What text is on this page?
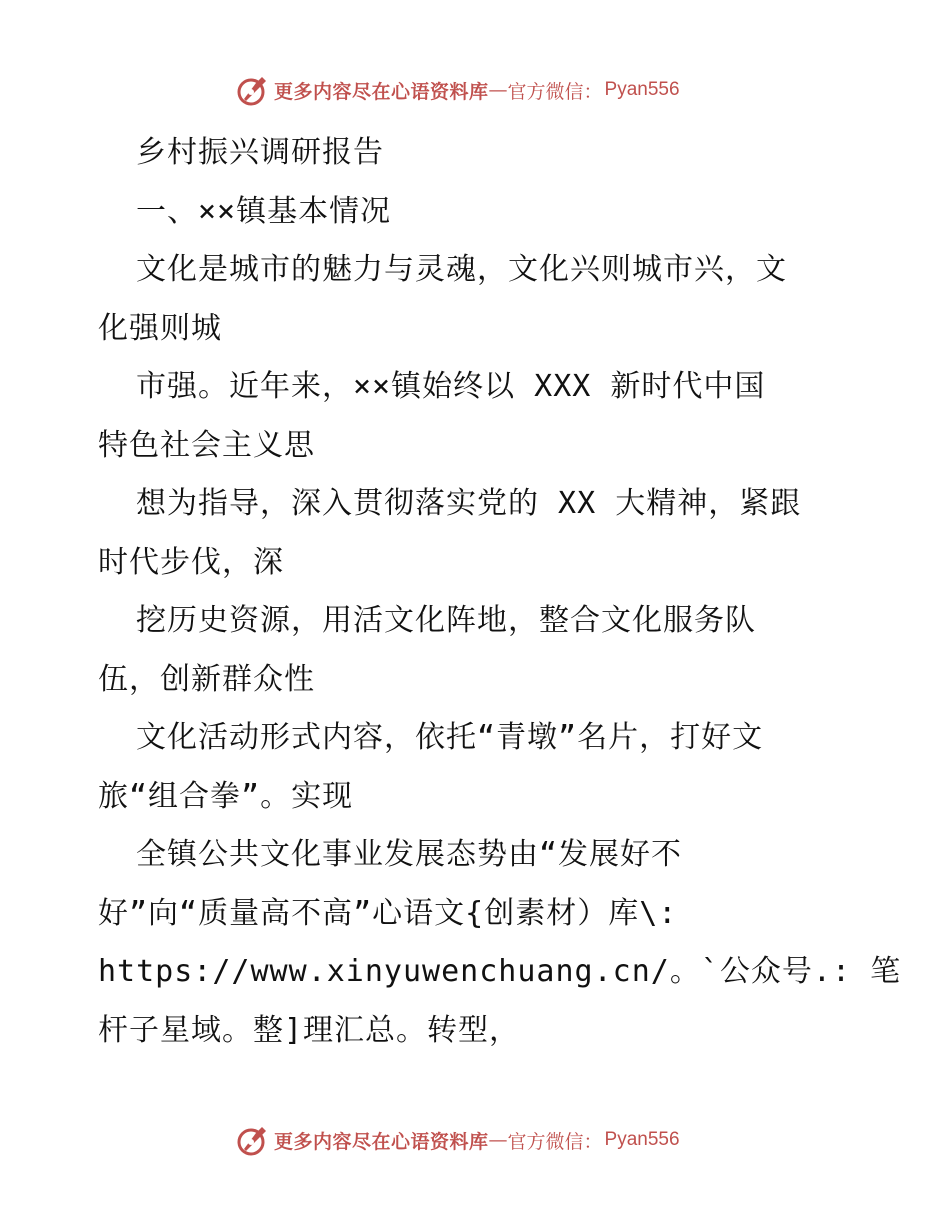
更多内容尽在心语资料库 — 官方微信： Pyan556

乡村振兴调研报告

一、××镇基本情况

文化是城市的魅力与灵魂，文化兴则城市兴，文

化强则城

市强。近年来，××镇始终以 XXX 新时代中国

特色社会主义思

想为指导，深入贯彻落实党的 XX 大精神，紧跟

时代步伐，深

挖历史资源，用活文化阵地，整合文化服务队

伍，创新群众性

文化活动形式内容，依托“青墩”名片，打好文

旅“组合拳”。实现

全镇公共文化事业发展态势由“发展好不

好”向“质量高不高”心语文{创素材）库\:

https://www.xinyuwenchuang.cn/。`公众号.: 笔

杆子星域。整]理汇总。转型，

更多内容尽在心语资料库 — 官方微信： Pyan556
